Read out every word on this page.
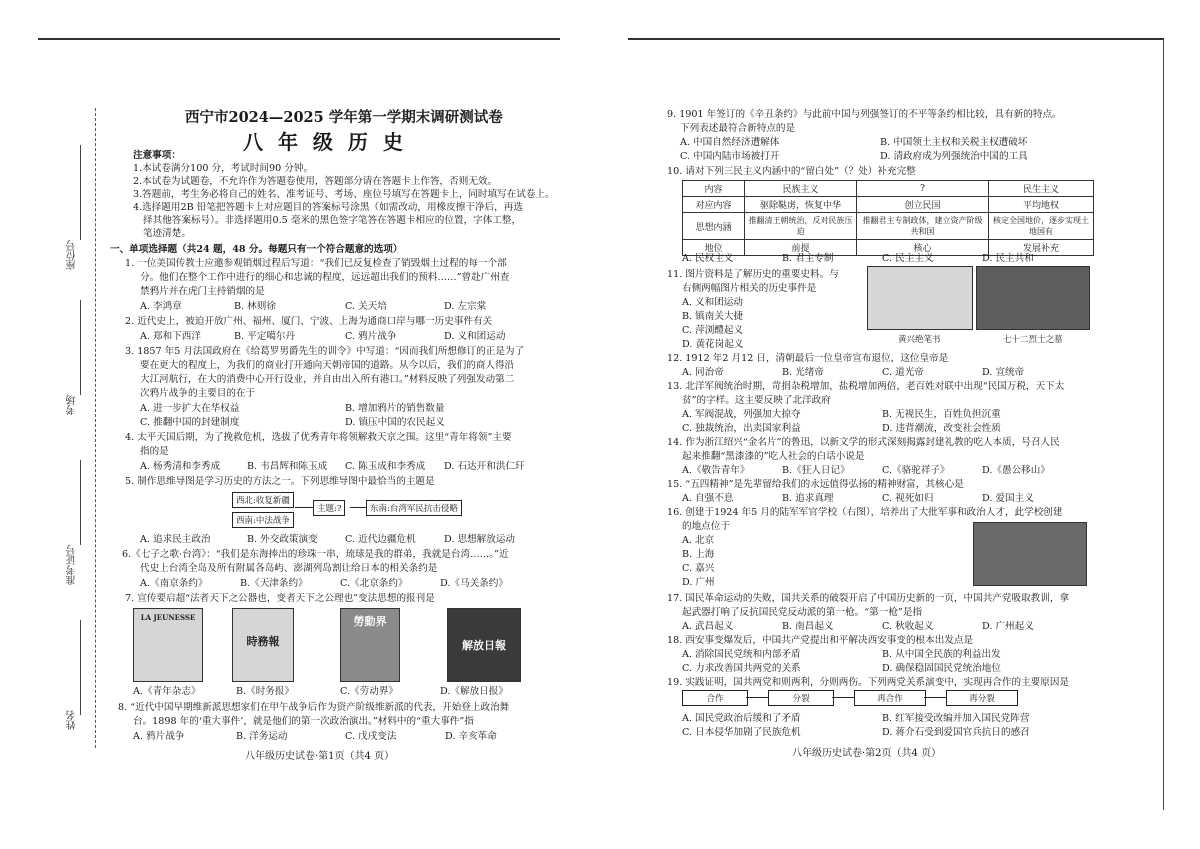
座位号
考场
准考证号
姓名
西宁市2024—2025 学年第一学期末调研测试卷
八 年 级 历 史
注意事项：
1.本试卷满分100 分，考试时间90 分钟。
2.本试卷为试题卷，不允许作为答题卷使用，答题部分请在答题卡上作答，否则无效。
3.答题前，考生务必将自己的姓名、准考证号、考场、座位号填写在答题卡上，同时填写在试卷上。
4.选择题用2B 铅笔把答题卡上对应题目的答案标号涂黑（如需改动，用橡皮擦干净后，再选
择其他答案标号）。非选择题用0.5 毫米的黑色签字笔答在答题卡相应的位置，字体工整，
笔迹清楚。
一、单项选择题（共24 题，48 分。每题只有一个符合题意的选项）
1. 一位美国传教士应邀参观销烟过程后写道：“我们已反复检查了销毁烟土过程的每一个部
分。他们在整个工作中进行的细心和忠诚的程度，远远超出我们的预料……”曾赴广州查
禁鸦片并在虎门主持销烟的是
A. 李鸿章	B. 林则徐	C. 关天培	D. 左宗棠
2. 近代史上，被迫开放广州、福州、厦门、宁波、上海为通商口岸与哪一历史事件有关
A. 郑和下西洋	B. 平定噶尔丹	C. 鸦片战争	D. 义和团运动
3. 1857 年5 月法国政府在《给葛罗男爵先生的训令》中写道：“因而我们所想修订的正是为了
要在更大的程度上，为我们的商业打开通向天朝帝国的道路。从今以后，我们的商人得沿
大江河航行，在大的消费中心开行设业，并自由出入所有港口。”材料反映了列强发动第二
次鸦片战争的主要目的在于
A. 进一步扩大在华权益	B. 增加鸦片的销售数量
C. 推翻中国的封建制度	D. 镇压中国的农民起义
4. 太平天国后期，为了挽救危机，选拔了优秀青年将领解救天京之围。这里“青年将领”主要
指的是
A. 杨秀清和李秀成	B. 韦昌辉和陈玉成 C. 陈玉成和李秀成 D. 石达开和洪仁玕
5. 制作思维导图是学习历史的方法之一。下列思维导图中最恰当的主题是
西北:收复新疆
西南:中法战争
主题:?	东南:台湾军民抗击侵略
A. 追求民主政治	B. 外交政策演变	C. 近代边疆危机	D. 思想解放运动
6.《七子之歌·台湾》：“我们是东海捧出的珍珠一串，琉球是我的群弟，我就是台湾……。”近
代史上台湾全岛及所有附属各岛屿、澎湖列岛割让给日本的相关条约是
A.《南京条约》	B.《天津条约》	C.《北京条约》	D.《马关条约》
7. 宣传要启超“法者天下之公器也，变者天下之公理也”变法思想的报刊是
LA JEUNESSE
時務報
勞動界
解放日報
A.《青年杂志》	B.《时务报》	C.《劳动界》	D.《解放日报》
8. “近代中国早期维新派思想家们在甲午战争后作为资产阶级维新派的代表，开始登上政治舞
台。1898 年的‘重大事件’，就是他们的第一次政治演出。”材料中的“重大事件”指
A. 鸦片战争	B. 洋务运动	C. 戊戌变法	D. 辛亥革命
八年级历史试卷·第1页（共4 页）
9. 1901 年签订的《辛丑条约》与此前中国与列强签订的不平等条约相比较，具有新的特点。
下列表述最符合新特点的是
A. 中国自然经济遭解体	B. 中国领土主权和关税主权遭破坏
C. 中国内陆市场被打开	D. 清政府成为列强统治中国的工具
10. 请对下列三民主义内涵中的“留白处”（？处）补充完整
内容	民族主义	?	民生主义
对应内容	驱除鞑虏，恢复中华	创立民国	平均地权
思想内涵	推翻清王朝统治，反对民族压迫	推翻君主专制政体，建立资产阶级共和国	核定全国地价，逐步实现土地国有
地位	前提	核心	发展补充
A. 民权主义	B. 君主专制	C. 民主主义	D. 民主共和
11. 图片资料是了解历史的重要史料。与
右侧两幅图片相关的历史事件是
A. 义和团运动
B. 镇南关大捷
C. 萍浏醴起义
D. 黄花岗起义	黄兴绝笔书	七十二烈士之墓
12. 1912 年2 月12 日，清朝最后一位皇帝宣布退位，这位皇帝是
A. 同治帝	B. 光绪帝	C. 道光帝	D. 宣统帝
13. 北洋军阀统治时期，苛捐杂税增加，盐税增加两倍，老百姓对联中出现“民国万税，天下太
贫”的字样。这主要反映了北洋政府
A. 军阀混战，列强加大掠夺	B. 无视民生，百姓负担沉重
C. 独裁统治，出卖国家利益	D. 违背潮流，改变社会性质
14. 作为浙江绍兴“金名片”的鲁迅，以新文学的形式深刻揭露封建礼教的吃人本质，号召人民
起来推翻“黑漆漆的”吃人社会的白话小说是
A.《敬告青年》	B.《狂人日记》	C.《骆驼祥子》	D.《愚公移山》
15. “五四精神”是先辈留给我们的永远值得弘扬的精神财富，其核心是
A. 自强不息	B. 追求真理	C. 视死如归	D. 爱国主义
16. 创建于1924 年5 月的陆军军官学校（右图），培养出了大批军事和政治人才，此学校创建
的地点位于
A. 北京
B. 上海
C. 嘉兴
D. 广州
17. 国民革命运动的失败，国共关系的破裂开启了中国历史新的一页，中国共产党吸取教训，拿
起武器打响了反抗国民党反动派的第一枪。“第一枪”是指
A. 武昌起义	B. 南昌起义	C. 秋收起义	D. 广州起义
18. 西安事变爆发后，中国共产党提出和平解决西安事变的根本出发点是
A. 消除国民党统和内部矛盾	B. 从中国全民族的利益出发
C. 力求改善国共两党的关系	D. 确保稳固国民党统治地位
19. 实践证明，国共两党和则两利，分则两伤。下列两党关系演变中，实现再合作的主要原因是
合作	分裂	再合作	再分裂
A. 国民党政治后缓和了矛盾	B. 红军接受改编并加入国民党阵营
C. 日本侵华加剧了民族危机	D. 蒋介石受到爱国官兵抗日的感召
八年级历史试卷·第2页（共4 页）
